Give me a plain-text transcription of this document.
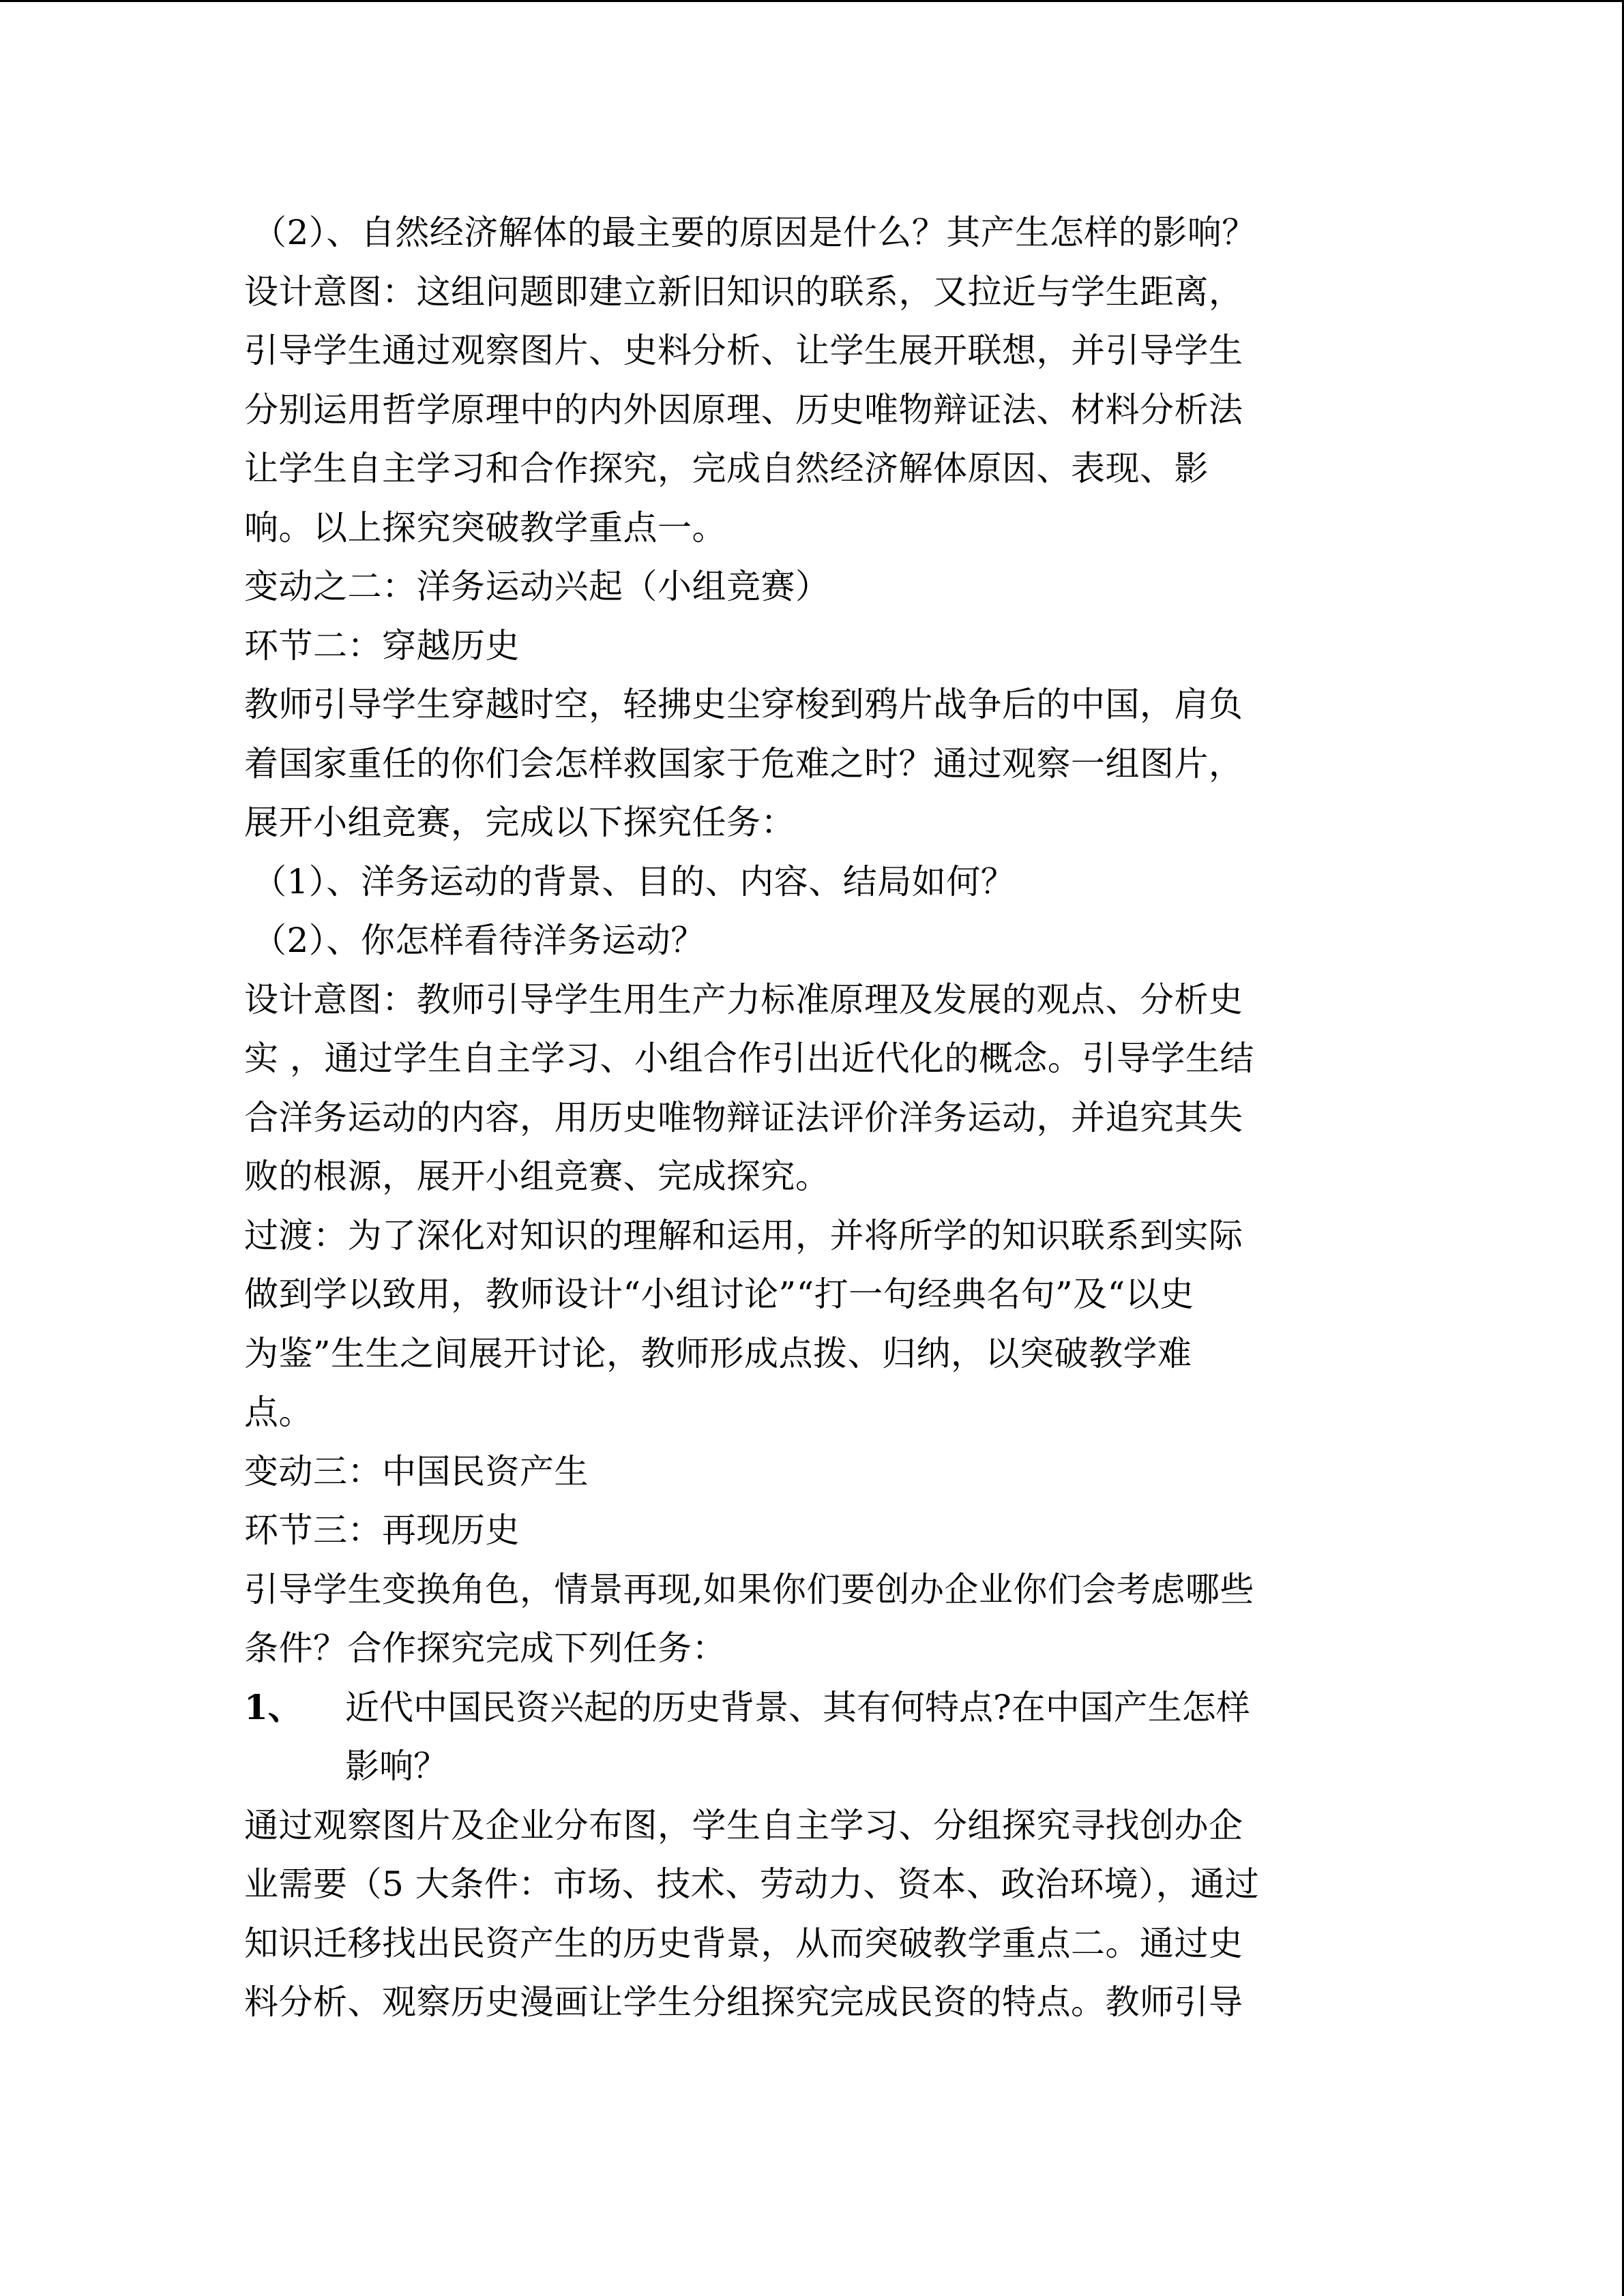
（2）、自然经济解体的最主要的原因是什么？其产生怎样的影响？
设计意图：这组问题即建立新旧知识的联系，又拉近与学生距离，
引导学生通过观察图片、史料分析、让学生展开联想，并引导学生
分别运用哲学原理中的内外因原理、历史唯物辩证法、材料分析法
让学生自主学习和合作探究，完成自然经济解体原因、表现、影
响。以上探究突破教学重点一。
变动之二：洋务运动兴起（小组竞赛）
环节二：穿越历史
教师引导学生穿越时空，轻拂史尘穿梭到鸦片战争后的中国，肩负
着国家重任的你们会怎样救国家于危难之时？通过观察一组图片，
展开小组竞赛，完成以下探究任务：
（1）、洋务运动的背景、目的、内容、结局如何？
（2）、你怎样看待洋务运动？
设计意图：教师引导学生用生产力标准原理及发展的观点、分析史
实 ，通过学生自主学习、小组合作引出近代化的概念。引导学生结
合洋务运动的内容，用历史唯物辩证法评价洋务运动，并追究其失
败的根源，展开小组竞赛、完成探究。
过渡：为了深化对知识的理解和运用，并将所学的知识联系到实际
做到学以致用，教师设计“小组讨论”“打一句经典名句”及“以史
为鉴”生生之间展开讨论，教师形成点拨、归纳，以突破教学难
点。
变动三：中国民资产生
环节三：再现历史
引导学生变换角色，情景再现,如果你们要创办企业你们会考虑哪些
条件？合作探究完成下列任务：
1、	近代中国民资兴起的历史背景、其有何特点?在中国产生怎样
影响？
通过观察图片及企业分布图，学生自主学习、分组探究寻找创办企
业需要（5 大条件：市场、技术、劳动力、资本、政治环境），通过
知识迁移找出民资产生的历史背景，从而突破教学重点二。通过史
料分析、观察历史漫画让学生分组探究完成民资的特点。教师引导
